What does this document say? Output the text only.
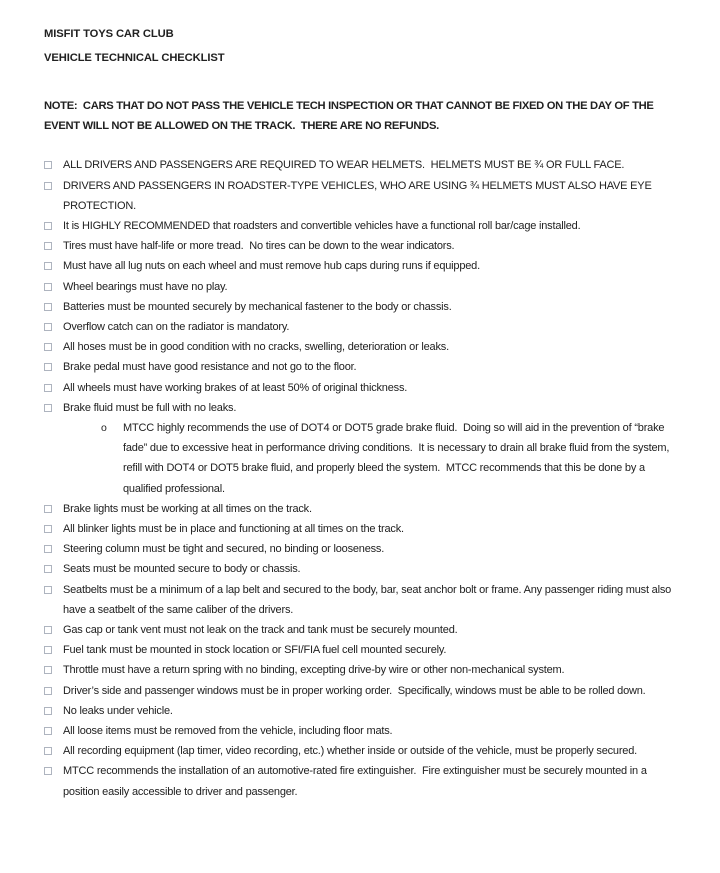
MISFIT TOYS CAR CLUB
VEHICLE TECHNICAL CHECKLIST

NOTE:  CARS THAT DO NOT PASS THE VEHICLE TECH INSPECTION OR THAT CANNOT BE FIXED ON THE DAY OF THE EVENT WILL NOT BE ALLOWED ON THE TRACK.  THERE ARE NO REFUNDS.

ALL DRIVERS AND PASSENGERS ARE REQUIRED TO WEAR HELMETS.  HELMETS MUST BE ¾ OR FULL FACE.
DRIVERS AND PASSENGERS IN ROADSTER-TYPE VEHICLES, WHO ARE USING ¾ HELMETS MUST ALSO HAVE EYE PROTECTION.
It is HIGHLY RECOMMENDED that roadsters and convertible vehicles have a functional roll bar/cage installed.
Tires must have half-life or more tread.  No tires can be down to the wear indicators.
Must have all lug nuts on each wheel and must remove hub caps during runs if equipped.
Wheel bearings must have no play.
Batteries must be mounted securely by mechanical fastener to the body or chassis.
Overflow catch can on the radiator is mandatory.
All hoses must be in good condition with no cracks, swelling, deterioration or leaks.
Brake pedal must have good resistance and not go to the floor.
All wheels must have working brakes of at least 50% of original thickness.
Brake fluid must be full with no leaks.
o	MTCC highly recommends the use of DOT4 or DOT5 grade brake fluid.  Doing so will aid in the prevention of “brake fade” due to excessive heat in performance driving conditions.  It is necessary to drain all brake fluid from the system, refill with DOT4 or DOT5 brake fluid, and properly bleed the system.  MTCC recommends that this be done by a qualified professional.
Brake lights must be working at all times on the track.
All blinker lights must be in place and functioning at all times on the track.
Steering column must be tight and secured, no binding or looseness.
Seats must be mounted secure to body or chassis.
Seatbelts must be a minimum of a lap belt and secured to the body, bar, seat anchor bolt or frame. Any passenger riding must also have a seatbelt of the same caliber of the drivers.
Gas cap or tank vent must not leak on the track and tank must be securely mounted.
Fuel tank must be mounted in stock location or SFI/FIA fuel cell mounted securely.
Throttle must have a return spring with no binding, excepting drive-by wire or other non-mechanical system.
Driver’s side and passenger windows must be in proper working order.  Specifically, windows must be able to be rolled down.
No leaks under vehicle.
All loose items must be removed from the vehicle, including floor mats.
All recording equipment (lap timer, video recording, etc.) whether inside or outside of the vehicle, must be properly secured.
MTCC recommends the installation of an automotive-rated fire extinguisher.  Fire extinguisher must be securely mounted in a position easily accessible to driver and passenger.
